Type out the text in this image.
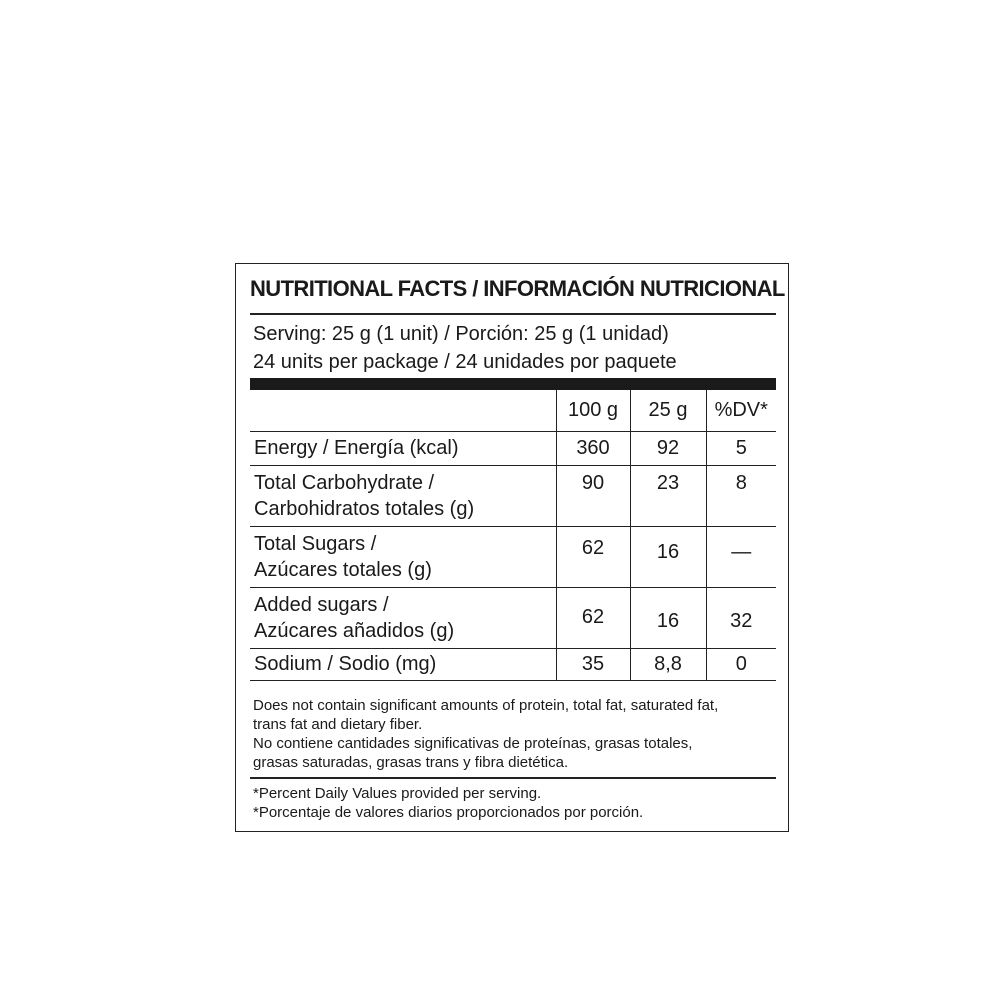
NUTRITIONAL FACTS / INFORMACIÓN NUTRICIONAL
Serving: 25 g (1 unit) / Porción: 25 g (1 unidad)
24 units per package / 24 unidades por paquete
	100 g	25 g	%DV*

Energy / Energía (kcal)	360	92	5

Total Carbohydrate /
Carbohidratos totales (g)	90	23	8

Total Sugars /
Azúcares totales (g)	62	16	—

Added sugars /
Azúcares añadidos (g)	62	16	32

Sodium / Sodio (mg)	35	8,8	0
Does not contain significant amounts of protein, total fat, saturated fat,
trans fat and dietary fiber.
No contiene cantidades significativas de proteínas, grasas totales,
grasas saturadas, grasas trans y fibra dietética.
*Percent Daily Values provided per serving.
*Porcentaje de valores diarios proporcionados por porción.
